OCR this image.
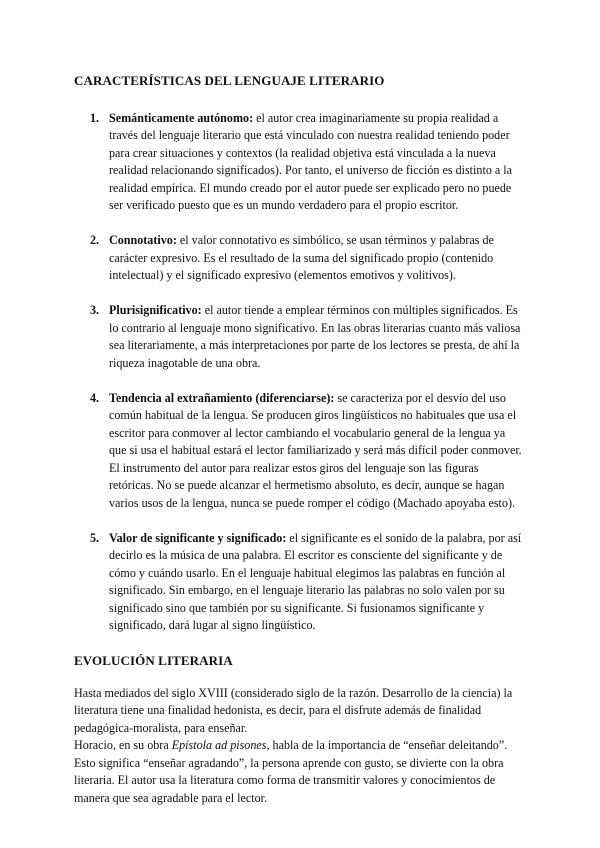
CARACTERÍSTICAS DEL LENGUAJE LITERARIO
1. Semánticamente autónomo: el autor crea imaginariamente su propia realidad a través del lenguaje literario que está vinculado con nuestra realidad teniendo poder para crear situaciones y contextos (la realidad objetiva está vinculada a la nueva realidad relacionando significados). Por tanto, el universo de ficción es distinto a la realidad empírica. El mundo creado por el autor puede ser explicado pero no puede ser verificado puesto que es un mundo verdadero para el propio escritor.
2. Connotativo: el valor connotativo es simbólico, se usan términos y palabras de carácter expresivo. Es el resultado de la suma del significado propio (contenido intelectual) y el significado expresivo (elementos emotivos y volitivos).
3. Plurisignificativo: el autor tiende a emplear términos con múltiples significados. Es lo contrario al lenguaje mono significativo. En las obras literarias cuanto más valiosa sea literariamente, a más interpretaciones por parte de los lectores se presta, de ahí la riqueza inagotable de una obra.
4. Tendencia al extrañamiento (diferenciarse): se caracteriza por el desvío del uso común habitual de la lengua. Se producen giros lingüísticos no habituales que usa el escritor para conmover al lector cambiando el vocabulario general de la lengua ya que si usa el habitual estará el lector familiarizado y será más difícil poder conmover. El instrumento del autor para realizar estos giros del lenguaje son las figuras retóricas. No se puede alcanzar el hermetismo absoluto, es decir, aunque se hagan varios usos de la lengua, nunca se puede romper el código (Machado apoyaba esto).
5. Valor de significante y significado: el significante es el sonido de la palabra, por así decirlo es la música de una palabra. El escritor es consciente del significante y de cómo y cuándo usarlo. En el lenguaje habitual elegimos las palabras en función al significado. Sin embargo, en el lenguaje literario las palabras no solo valen por su significado sino que también por su significante. Si fusionamos significante y significado, dará lugar al signo lingüístico.
EVOLUCIÓN LITERARIA

Hasta mediados del siglo XVIII (considerado siglo de la razón. Desarrollo de la ciencia) la literatura tiene una finalidad hedonista, es decir, para el disfrute además de finalidad pedagógica-moralista, para enseñar.

Horacio, en su obra Epístola ad pisones, habla de la importancia de “enseñar deleitando”. Esto significa “enseñar agradando”, la persona aprende con gusto, se divierte con la obra literaria. El autor usa la literatura como forma de transmitir valores y conocimientos de manera que sea agradable para el lector.
